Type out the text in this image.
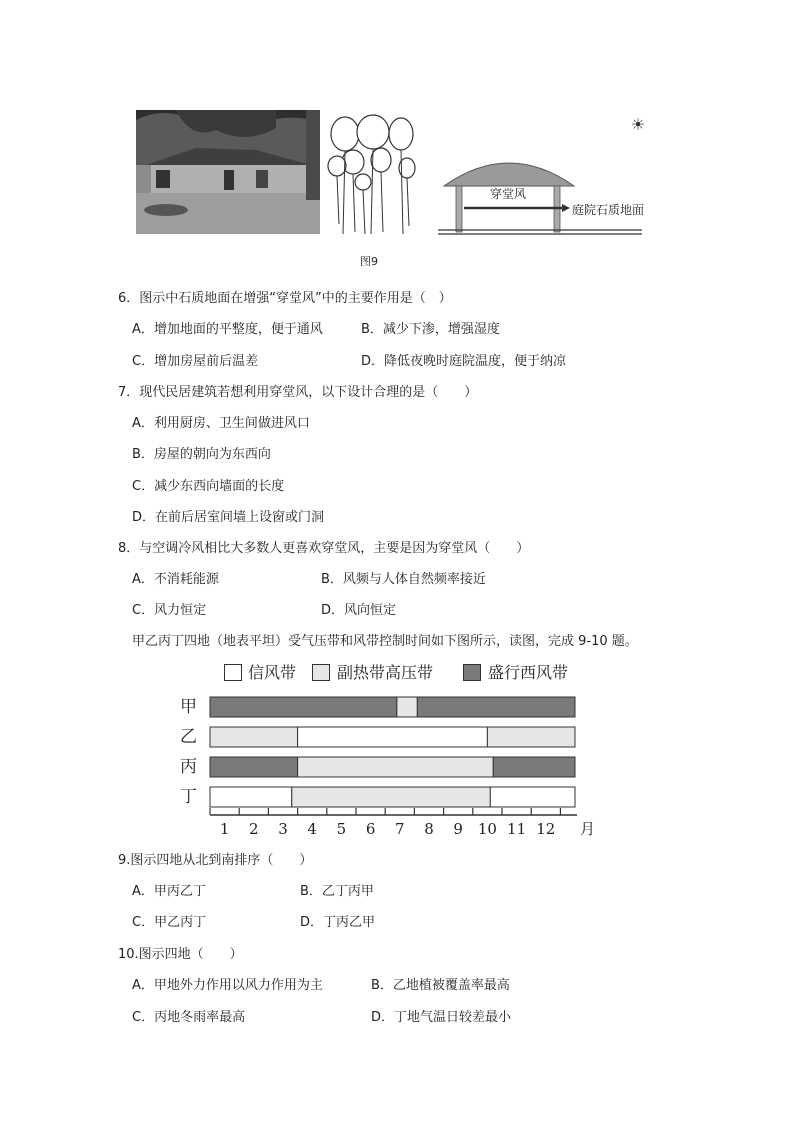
☀
穿堂风
庭院石质地面
图9
6．图示中石质地面在增强“穿堂风”中的主要作用是（　）
A．增加地面的平整度，便于通风	B．减少下渗，增强湿度
C．增加房屋前后温差	D．降低夜晚时庭院温度，便于纳凉
7．现代民居建筑若想利用穿堂风，以下设计合理的是（　　）
A．利用厨房、卫生间做进风口
B．房屋的朝向为东西向
C．减少东西向墙面的长度
D．在前后居室间墙上设窗或门洞
8．与空调冷风相比大多数人更喜欢穿堂风，主要是因为穿堂风（　　）
A．不消耗能源	B．风频与人体自然频率接近
C．风力恒定	D．风向恒定
甲乙丙丁四地（地表平坦）受气压带和风带控制时间如下图所示，读图，完成 9-10 题。
信风带	副热带高压带	盛行西风带
甲
乙
丙
丁
1	2	3	4	5	6	7	8	9 10 11 12 月
9.图示四地从北到南排序（　　）
A．甲丙乙丁	B．乙丁丙甲
C．甲乙丙丁	D．丁丙乙甲
10.图示四地（　　）
A．甲地外力作用以风力作用为主	B．乙地植被覆盖率最高
C．丙地冬雨率最高	D．丁地气温日较差最小
